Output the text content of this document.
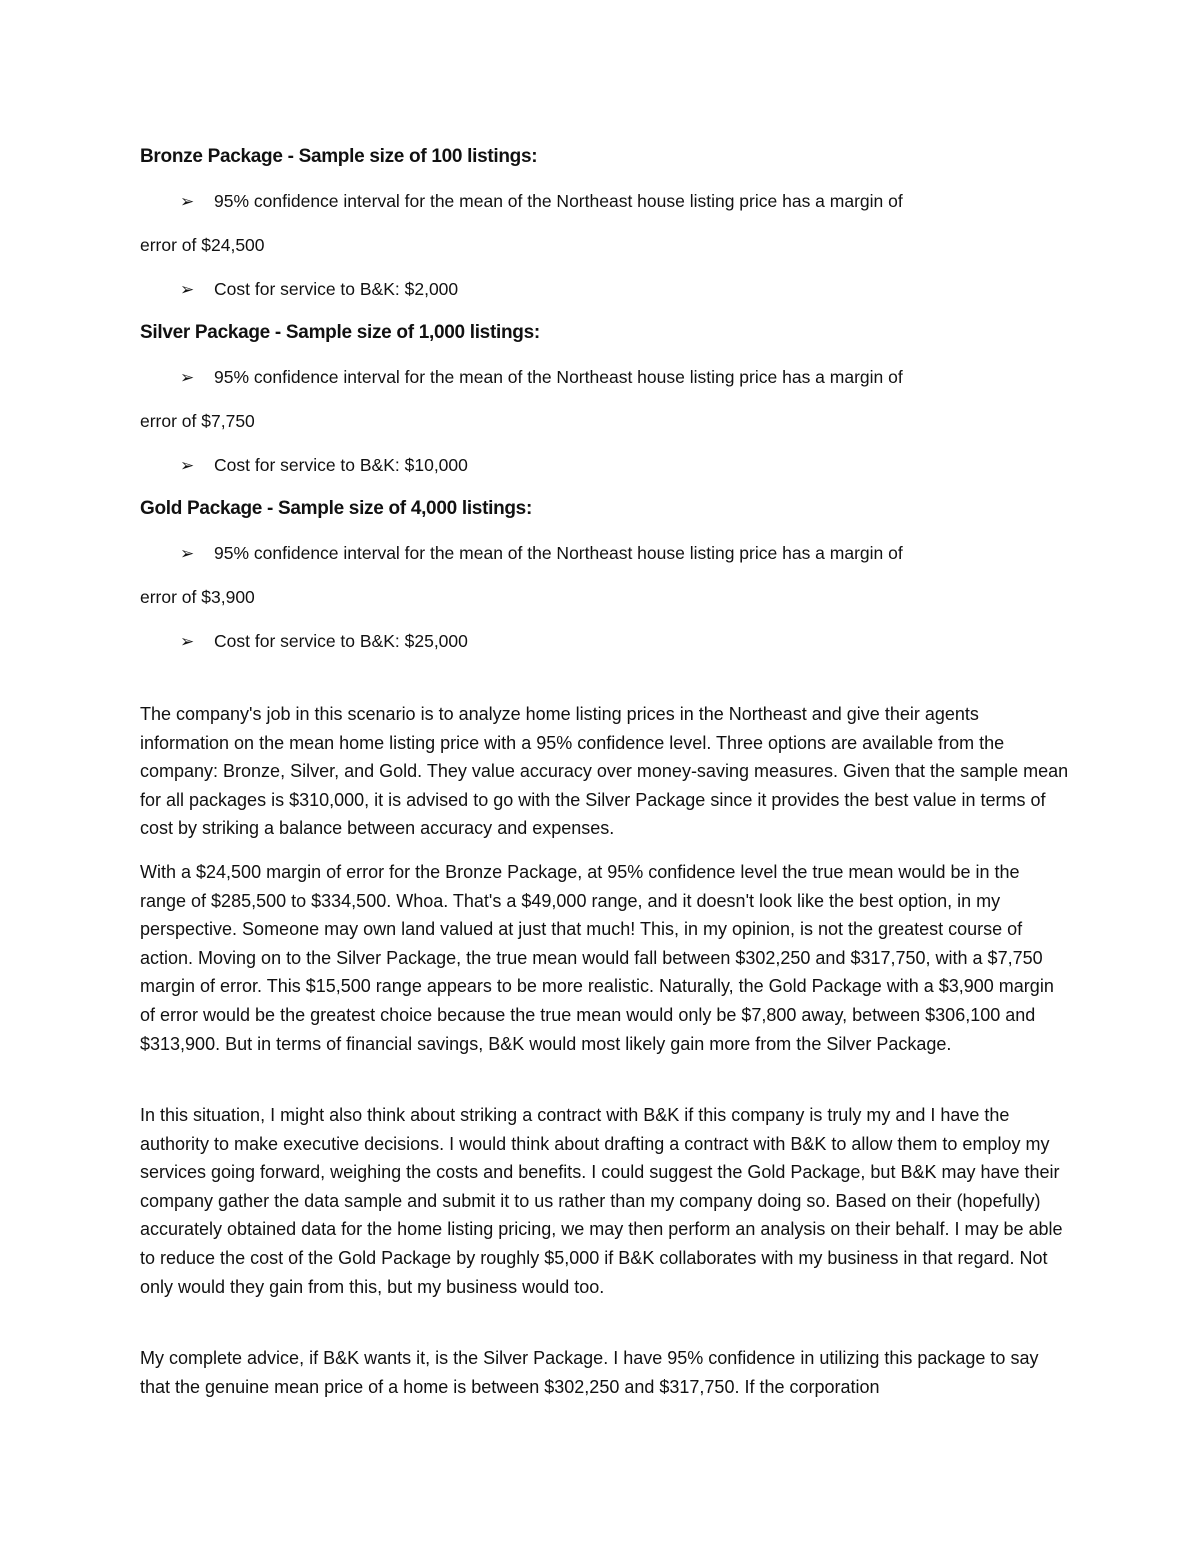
Bronze Package - Sample size of 100 listings:
➢ 95% confidence interval for the mean of the Northeast house listing price has a margin of
error of $24,500
➢ Cost for service to B&K: $2,000
Silver Package - Sample size of 1,000 listings:
➢ 95% confidence interval for the mean of the Northeast house listing price has a margin of
error of $7,750
➢ Cost for service to B&K: $10,000
Gold Package - Sample size of 4,000 listings:
➢ 95% confidence interval for the mean of the Northeast house listing price has a margin of
error of $3,900
➢ Cost for service to B&K: $25,000

The company's job in this scenario is to analyze home listing prices in the Northeast and give their agents information on the mean home listing price with a 95% confidence level. Three options are available from the company: Bronze, Silver, and Gold. They value accuracy over money-saving measures. Given that the sample mean for all packages is $310,000, it is advised to go with the Silver Package since it provides the best value in terms of cost by striking a balance between accuracy and expenses.

With a $24,500 margin of error for the Bronze Package, at 95% confidence level the true mean would be in the range of $285,500 to $334,500. Whoa. That's a $49,000 range, and it doesn't look like the best option, in my perspective. Someone may own land valued at just that much! This, in my opinion, is not the greatest course of action. Moving on to the Silver Package, the true mean would fall between $302,250 and $317,750, with a $7,750 margin of error. This $15,500 range appears to be more realistic. Naturally, the Gold Package with a $3,900 margin of error would be the greatest choice because the true mean would only be $7,800 away, between $306,100 and $313,900. But in terms of financial savings, B&K would most likely gain more from the Silver Package.

In this situation, I might also think about striking a contract with B&K if this company is truly my and I have the authority to make executive decisions. I would think about drafting a contract with B&K to allow them to employ my services going forward, weighing the costs and benefits. I could suggest the Gold Package, but B&K may have their company gather the data sample and submit it to us rather than my company doing so. Based on their (hopefully) accurately obtained data for the home listing pricing, we may then perform an analysis on their behalf. I may be able to reduce the cost of the Gold Package by roughly $5,000 if B&K collaborates with my business in that regard. Not only would they gain from this, but my business would too.

My complete advice, if B&K wants it, is the Silver Package. I have 95% confidence in utilizing this package to say that the genuine mean price of a home is between $302,250 and $317,750. If the corporation
